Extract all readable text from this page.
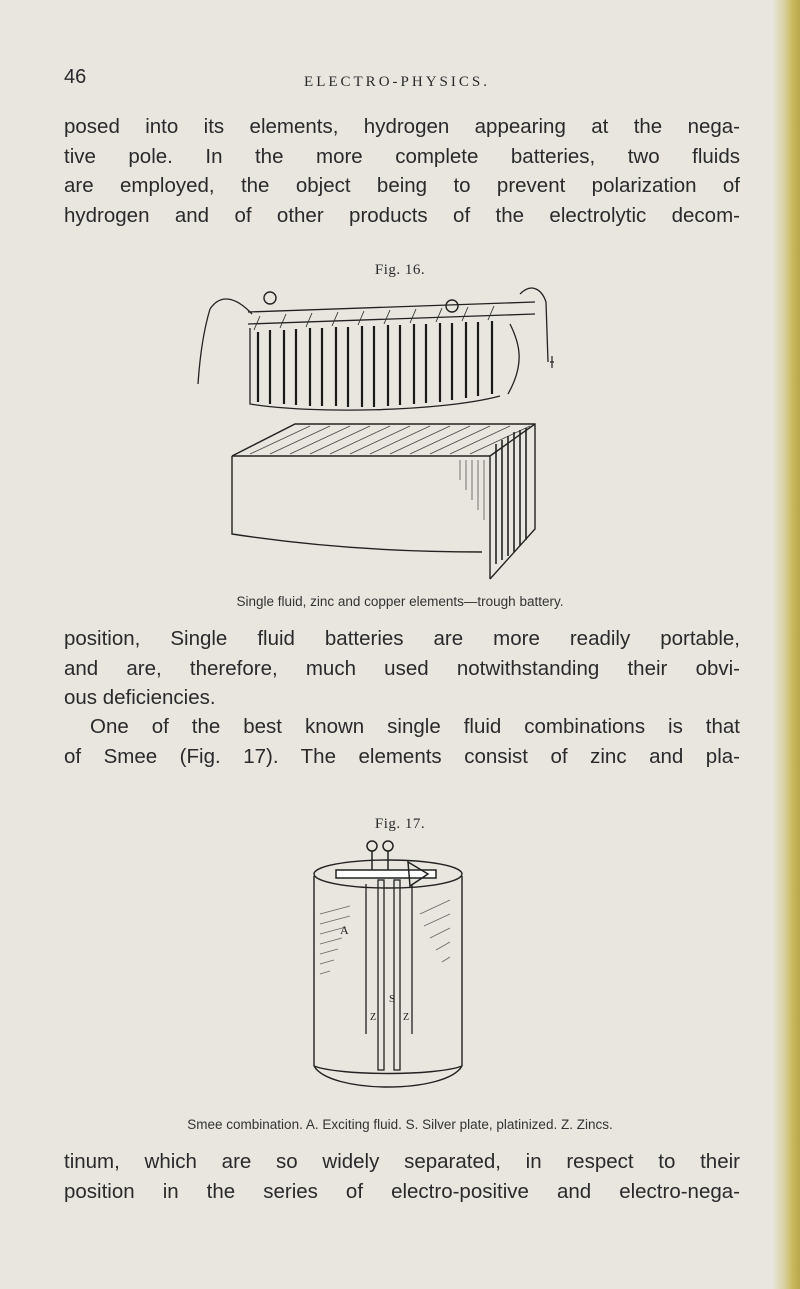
46	ELECTRO-PHYSICS.

posed into its elements, hydrogen appearing at the nega-
tive pole. In the more complete batteries, two fluids
are employed, the object being to prevent polarization of
hydrogen and of other products of the electrolytic decom-

Fig. 16.
Single fluid, zinc and copper elements—trough battery.

position, Single fluid batteries are more readily portable,
and are, therefore, much used notwithstanding their obvi-
ous deficiencies.

One of the best known single fluid combinations is that
of Smee (Fig. 17). The elements consist of zinc and pla-

Fig. 17.
A
S
Z	Z
Smee combination. A. Exciting fluid. S. Silver plate, platinized. Z. Zincs.

tinum, which are so widely separated, in respect to their
position in the series of electro-positive and electro-nega-
